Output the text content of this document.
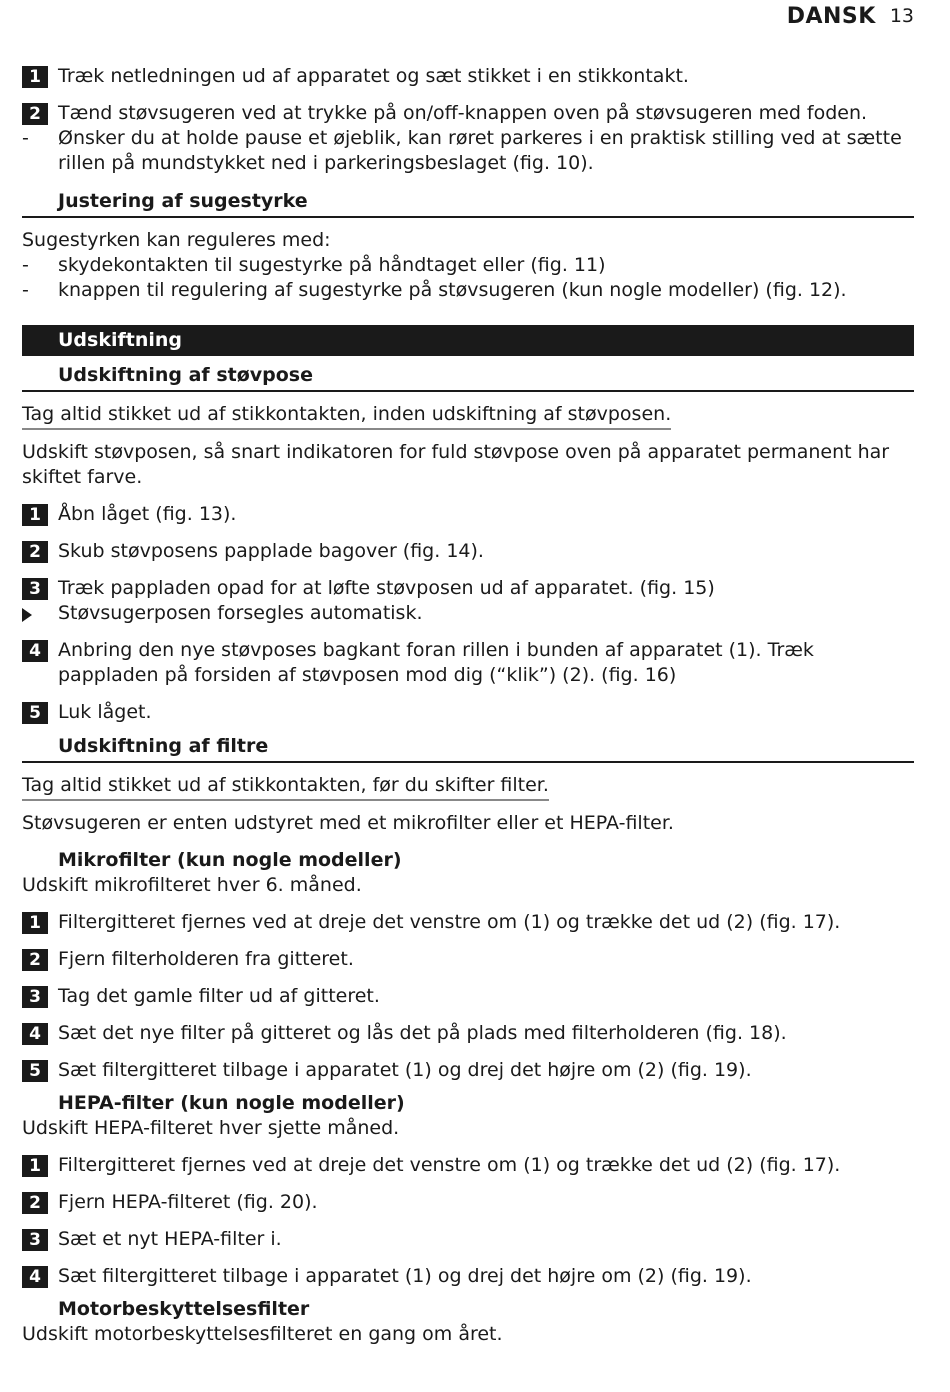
DANSK 13
1 Træk netledningen ud af apparatet og sæt stikket i en stikkontakt.
2 Tænd støvsugeren ved at trykke på on/off-knappen oven på støvsugeren med foden.
- Ønsker du at holde pause et øjeblik, kan røret parkeres i en praktisk stilling ved at sætte rillen på mundstykket ned i parkeringsbeslaget (fig. 10).
Justering af sugestyrke
Sugestyrken kan reguleres med:
- skydekontakten til sugestyrke på håndtaget eller (fig. 11)
- knappen til regulering af sugestyrke på støvsugeren (kun nogle modeller) (fig. 12).
Udskiftning
Udskiftning af støvpose
Tag altid stikket ud af stikkontakten, inden udskiftning af støvposen.
Udskift støvposen, så snart indikatoren for fuld støvpose oven på apparatet permanent har skiftet farve.
1 Åbn låget (fig. 13).
2 Skub støvposens papplade bagover (fig. 14).
3 Træk pappladen opad for at løfte støvposen ud af apparatet. (fig. 15)
Støvsugerposen forsegles automatisk.
4 Anbring den nye støvposes bagkant foran rillen i bunden af apparatet (1). Træk pappladen på forsiden af støvposen mod dig (“klik”) (2). (fig. 16)
5 Luk låget.
Udskiftning af filtre
Tag altid stikket ud af stikkontakten, før du skifter filter.
Støvsugeren er enten udstyret med et mikrofilter eller et HEPA-filter.
Mikrofilter (kun nogle modeller)
Udskift mikrofilteret hver 6. måned.
1 Filtergitteret fjernes ved at dreje det venstre om (1) og trække det ud (2) (fig. 17).
2 Fjern filterholderen fra gitteret.
3 Tag det gamle filter ud af gitteret.
4 Sæt det nye filter på gitteret og lås det på plads med filterholderen (fig. 18).
5 Sæt filtergitteret tilbage i apparatet (1) og drej det højre om (2) (fig. 19).
HEPA-filter (kun nogle modeller)
Udskift HEPA-filteret hver sjette måned.
1 Filtergitteret fjernes ved at dreje det venstre om (1) og trække det ud (2) (fig. 17).
2 Fjern HEPA-filteret (fig. 20).
3 Sæt et nyt HEPA-filter i.
4 Sæt filtergitteret tilbage i apparatet (1) og drej det højre om (2) (fig. 19).
Motorbeskyttelsesfilter
Udskift motorbeskyttelsesfilteret en gang om året.
